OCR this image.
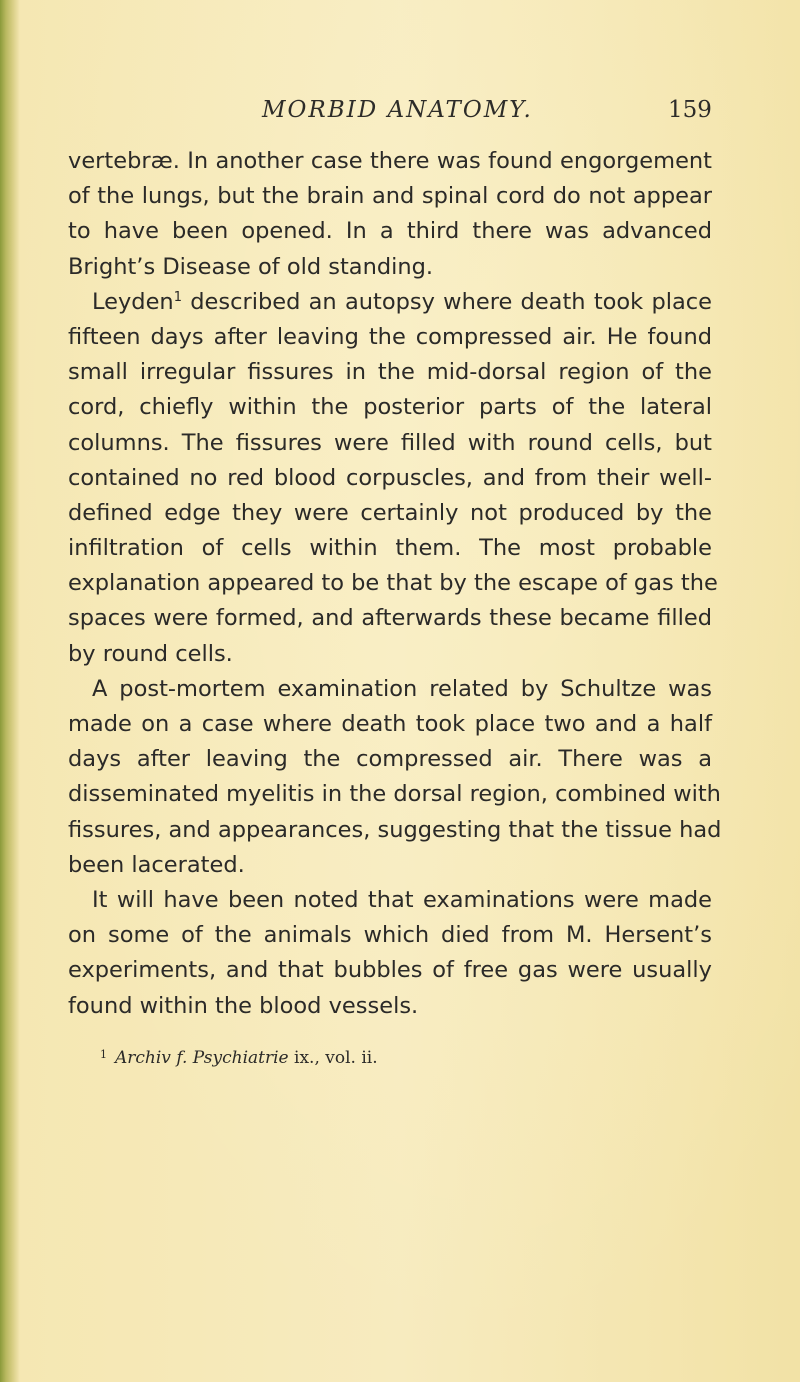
MORBID ANATOMY.	159
vertebræ. In another case there was found engorgement
of the lungs, but the brain and spinal cord do not appear
to have been opened. In a third there was advanced
Bright’s Disease of old standing.
Leyden$^1$ described an autopsy where death took place
fifteen days after leaving the compressed air. He found
small irregular fissures in the mid-dorsal region of the
cord, chiefly within the posterior parts of the lateral
columns. The fissures were filled with round cells, but
contained no red blood corpuscles, and from their well-
defined edge they were certainly not produced by the
infiltration of cells within them. The most probable
explanation appeared to be that by the escape of gas the
spaces were formed, and afterwards these became filled
by round cells.
A post-mortem examination related by Schultze was
made on a case where death took place two and a half
days after leaving the compressed air. There was a
disseminated myelitis in the dorsal region, combined with
fissures, and appearances, suggesting that the tissue had
been lacerated.
It will have been noted that examinations were made
on some of the animals which died from M. Hersent’s
experiments, and that bubbles of free gas were usually
found within the blood vessels.
$^1$ Archiv f. Psychiatrie ix., vol. ii.
